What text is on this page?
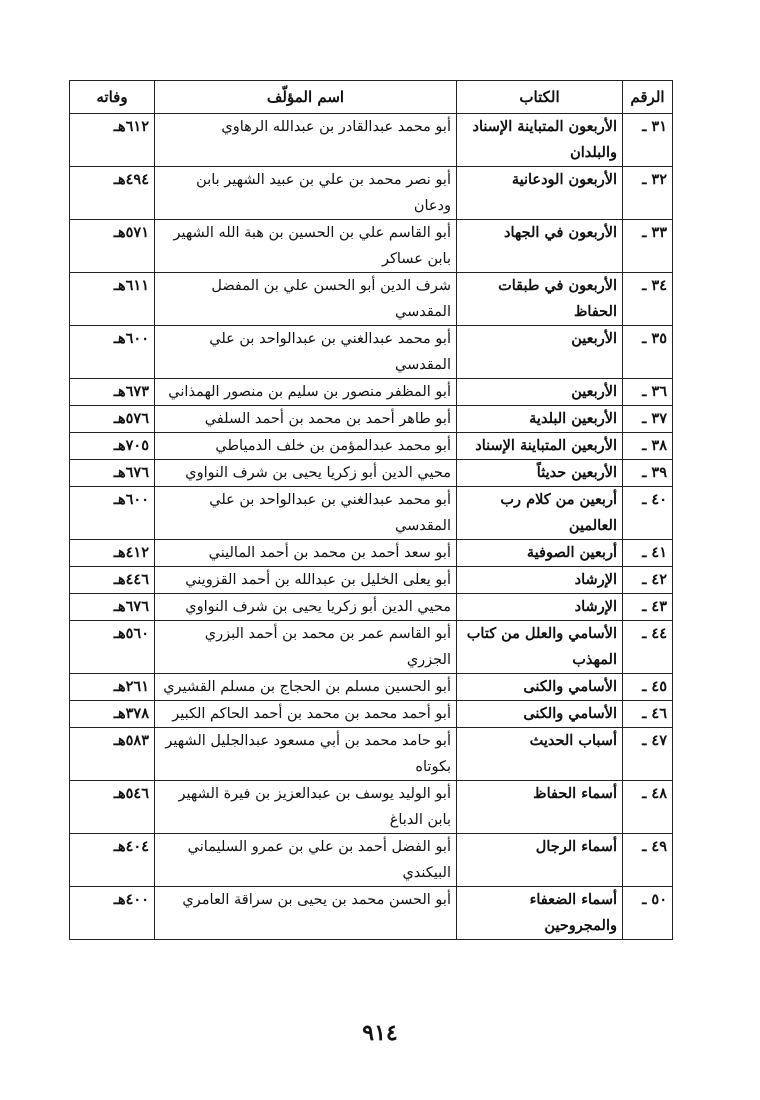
الرقم	الكتاب	اسم المؤلّف	وفاته
٣١ ـ	الأربعون المتباينة الإسناد والبلدان	أبو محمد عبدالقادر بن عبدالله الرهاوي	٦١٢هـ
٣٢ ـ	الأربعون الودعانية	أبو نصر محمد بن علي بن عبيد الشهير بابن ودعان	٤٩٤هـ
٣٣ ـ	الأربعون في الجهاد	أبو القاسم علي بن الحسين بن هبة الله الشهير بابن عساكر	٥٧١هـ
٣٤ ـ	الأربعون في طبقات الحفاظ	شرف الدين أبو الحسن علي بن المفضل المقدسي	٦١١هـ
٣٥ ـ	الأربعين	أبو محمد عبدالغني بن عبدالواحد بن علي المقدسي	٦٠٠هـ
٣٦ ـ	الأربعين	أبو المظفر منصور بن سليم بن منصور الهمذاني	٦٧٣هـ
٣٧ ـ	الأربعين البلدية	أبو طاهر أحمد بن محمد بن أحمد السلفي	٥٧٦هـ
٣٨ ـ	الأربعين المتباينة الإسناد	أبو محمد عبدالمؤمن بن خلف الدمياطي	٧٠٥هـ
٣٩ ـ	الأربعين حديثاً	محيي الدين أبو زكريا يحيى بن شرف النواوي	٦٧٦هـ
٤٠ ـ	أربعين من كلام رب العالمين	أبو محمد عبدالغني بن عبدالواحد بن علي المقدسي	٦٠٠هـ
٤١ ـ	أربعين الصوفية	أبو سعد أحمد بن محمد بن أحمد الماليني	٤١٢هـ
٤٢ ـ	الإرشاد	أبو يعلى الخليل بن عبدالله بن أحمد القزويني	٤٤٦هـ
٤٣ ـ	الإرشاد	محيي الدين أبو زكريا يحيى بن شرف النواوي	٦٧٦هـ
٤٤ ـ	الأسامي والعلل من كتاب المهذب	أبو القاسم عمر بن محمد بن أحمد البزري الجزري	٥٦٠هـ
٤٥ ـ	الأسامي والكنى	أبو الحسين مسلم بن الحجاج بن مسلم القشيري	٢٦١هـ
٤٦ ـ	الأسامي والكنى	أبو أحمد محمد بن محمد بن أحمد الحاكم الكبير	٣٧٨هـ
٤٧ ـ	أسباب الحديث	أبو حامد محمد بن أبي مسعود عبدالجليل الشهير بكوتاه	٥٨٣هـ
٤٨ ـ	أسماء الحفاظ	أبو الوليد يوسف بن عبدالعزيز بن فيرة الشهير بابن الدباغ	٥٤٦هـ
٤٩ ـ	أسماء الرجال	أبو الفضل أحمد بن علي بن عمرو السليماني البيكندي	٤٠٤هـ
٥٠ ـ	أسماء الضعفاء والمجروحين	أبو الحسن محمد بن يحيى بن سراقة العامري	٤٠٠هـ
٩١٤
